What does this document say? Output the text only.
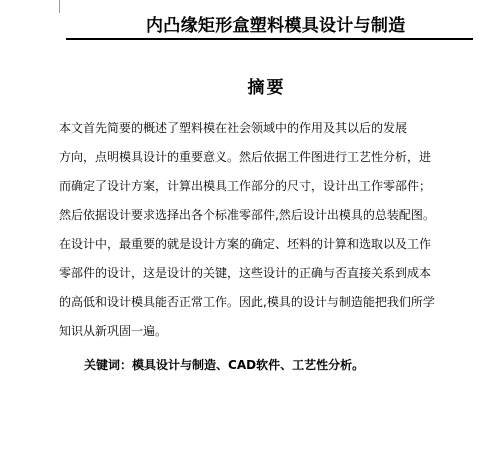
内凸缘矩形盒塑料模具设计与制造
摘要
本文首先简要的概述了塑料模在社会领域中的作用及其以后的发展
方向，点明模具设计的重要意义。然后依据工件图进行工艺性分析，进
而确定了设计方案，计算出模具工作部分的尺寸，设计出工作零部件；
然后依据设计要求选择出各个标准零部件,然后设计出模具的总装配图。
在设计中，最重要的就是设计方案的确定、坯料的计算和选取以及工作
零部件的设计，这是设计的关键，这些设计的正确与否直接关系到成本
的高低和设计模具能否正常工作。因此,模具的设计与制造能把我们所学
知识从新巩固一遍。
关键词：模具设计与制造、CAD软件、工艺性分析。
